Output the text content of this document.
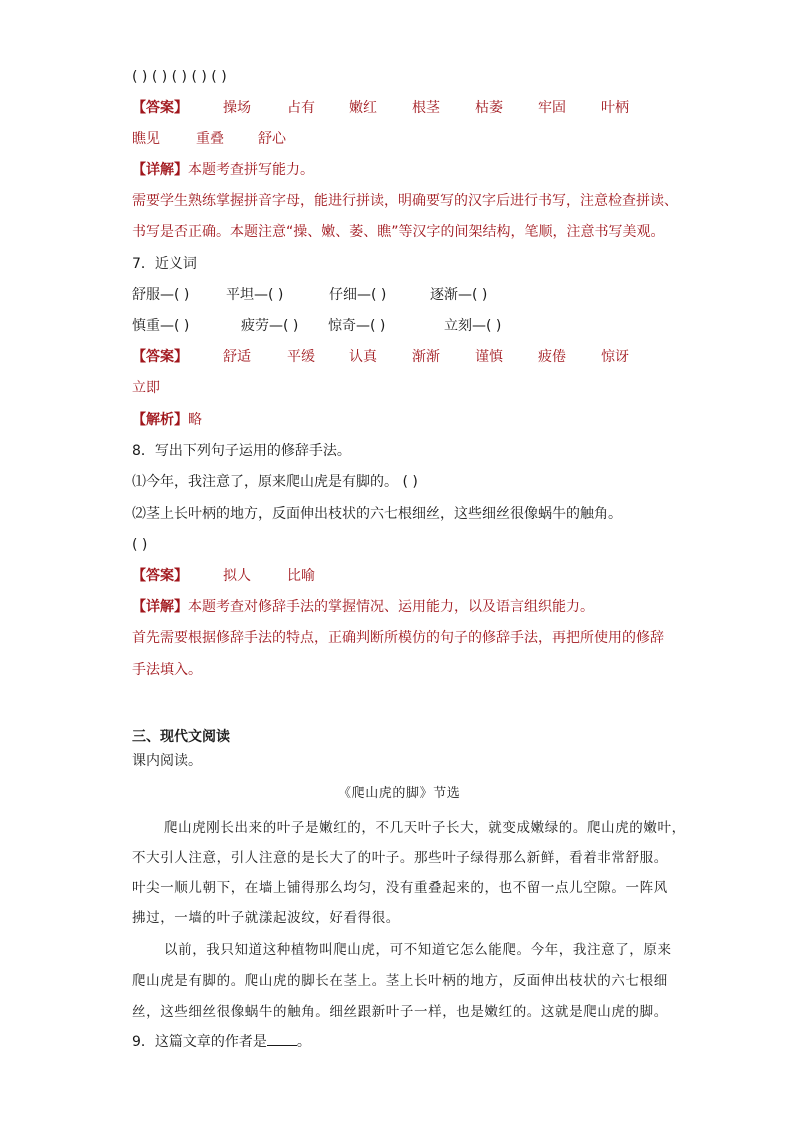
( ) ( ) ( ) ( ) ( )
【答案】	操场	占有 嫩红	根茎	枯萎	牢固	叶柄
瞧见	重叠 舒心
【详解】本题考查拼写能力。
需要学生熟练掌握拼音字母，能进行拼读，明确要写的汉字后进行书写，注意检查拼读、
书写是否正确。本题注意“操、嫩、萎、瞧”等汉字的间架结构，笔顺，注意书写美观。
7．近义词
舒服—( )	平坦—( )	仔细—( )	逐渐—( )
慎重—( )	疲劳—( ) 惊奇—( )	立刻—( )
【答案】	舒适	平缓 认真	渐渐	谨慎	疲倦	惊讶
立即
【解析】略
8．写出下列句子运用的修辞手法。
⑴今年，我注意了，原来爬山虎是有脚的。 ( )
⑵茎上长叶柄的地方，反面伸出枝状的六七根细丝，这些细丝很像蜗牛的触角。
( )
【答案】	拟人	比喻
【详解】本题考查对修辞手法的掌握情况、运用能力，以及语言组织能力。
首先需要根据修辞手法的特点，正确判断所模仿的句子的修辞手法，再把所使用的修辞
手法填入。
三、现代文阅读
课内阅读。
《爬山虎的脚》节选
爬山虎刚长出来的叶子是嫩红的，不几天叶子长大，就变成嫩绿的。爬山虎的嫩叶，
不大引人注意，引人注意的是长大了的叶子。那些叶子绿得那么新鲜，看着非常舒服。
叶尖一顺儿朝下，在墙上铺得那么均匀，没有重叠起来的，也不留一点儿空隙。一阵风
拂过，一墙的叶子就漾起波纹，好看得很。
以前，我只知道这种植物叫爬山虎，可不知道它怎么能爬。今年，我注意了，原来
爬山虎是有脚的。爬山虎的脚长在茎上。茎上长叶柄的地方，反面伸出枝状的六七根细
丝，这些细丝很像蜗牛的触角。细丝跟新叶子一样，也是嫩红的。这就是爬山虎的脚。
9．这篇文章的作者是 。
